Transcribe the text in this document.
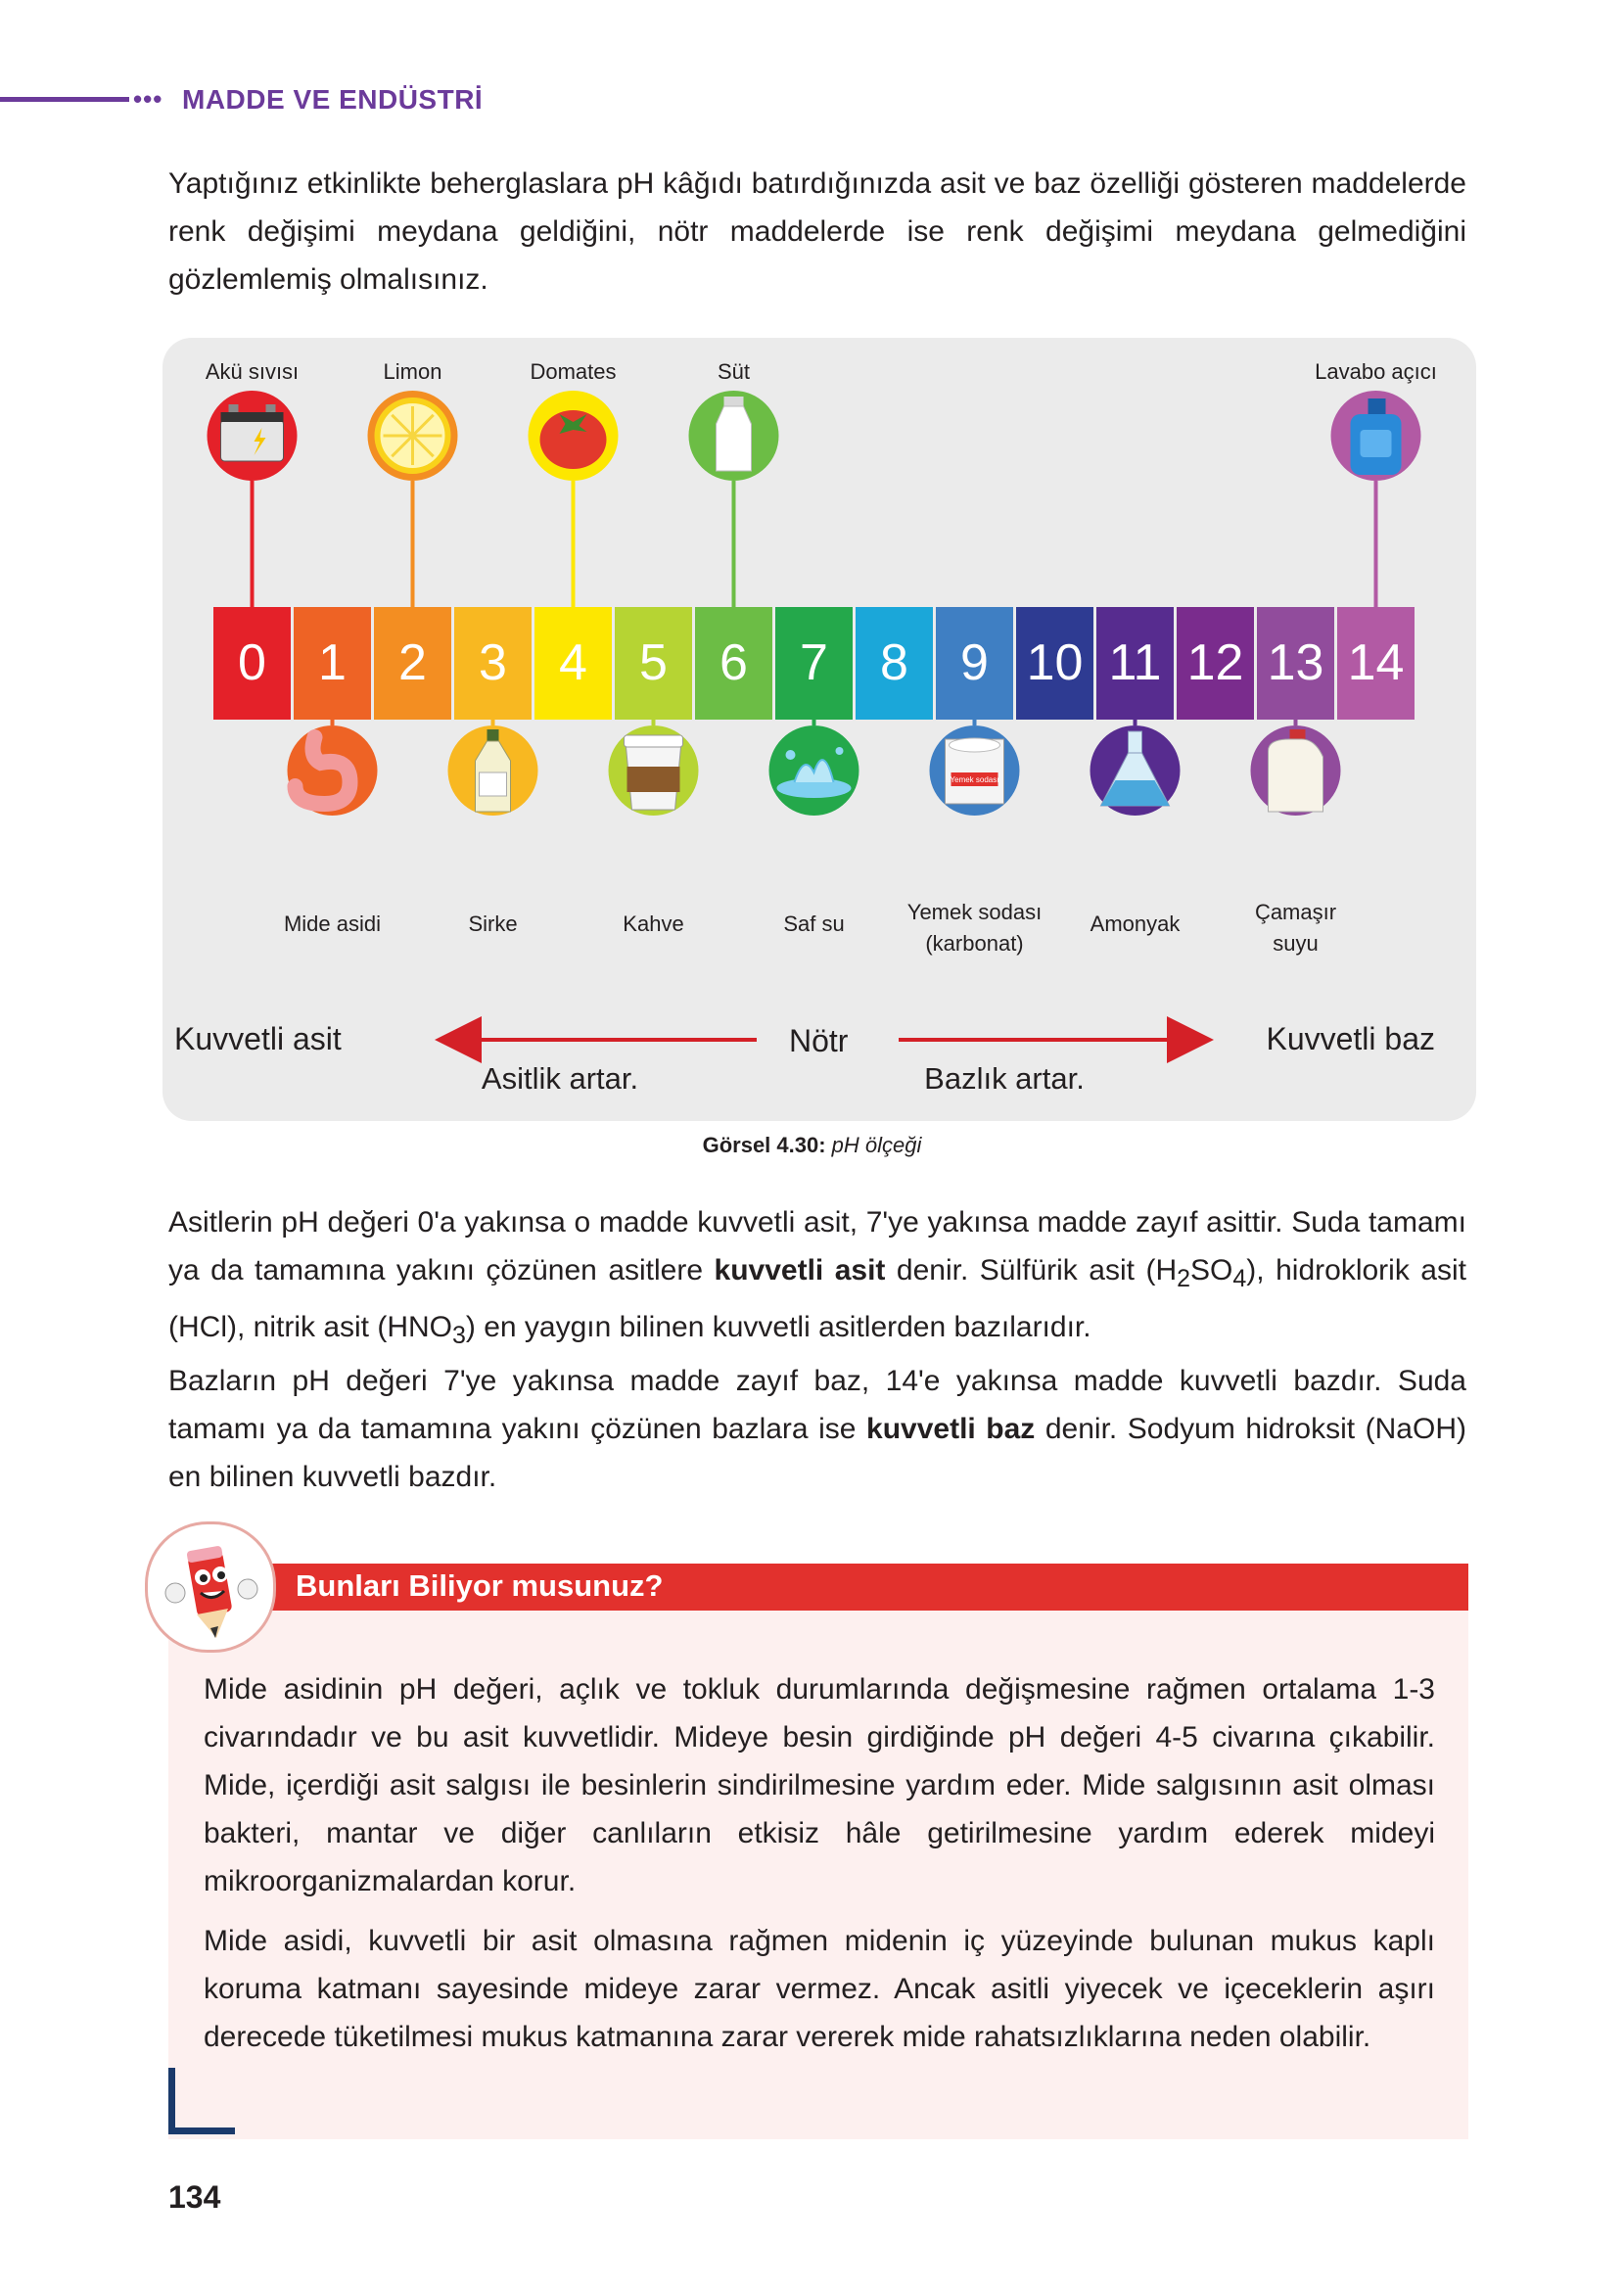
••• MADDE VE ENDÜSTRİ

Yaptığınız etkinlikte beherglaslara pH kâğıdı batırdığınızda asit ve baz özelliği gösteren maddelerde renk değişimi meydana geldiğini, nötr maddelerde ise renk değişimi meydana gelmediğini gözlemlemiş olmalısınız.

0 1 2 3 4 5 6 7 8 9 10 11 12 13 14
Akü sıvısı	Limon	Domates	Süt	Lavabo açıcı
Mide asidi	Sirke	Kahve	Saf su
Yemek sodası
Yemek sodası
(karbonat)
Amonyak	Çamaşır
suyu
Kuvvetli asit	Nötr	Kuvvetli baz
Asitlik artar.	Bazlık artar.
Görsel 4.30: pH ölçeği

Asitlerin pH değeri 0'a yakınsa o madde kuvvetli asit, 7'ye yakınsa madde zayıf asittir. Suda tamamı ya da tamamına yakını çözünen asitlere kuvvetli asit denir. Sülfürik asit $(H_2SO_4)$, hidroklorik asit (HCl), nitrik asit $(HNO_3)$ en yaygın bilinen kuvvetli asitlerden bazılarıdır.

Bazların pH değeri 7'ye yakınsa madde zayıf baz, 14'e yakınsa madde kuvvetli bazdır. Suda tamamı ya da tamamına yakını çözünen bazlara ise kuvvetli baz denir. Sodyum hidroksit (NaOH) en bilinen kuvvetli bazdır.

Bunları Biliyor musunuz?

Mide asidinin pH değeri, açlık ve tokluk durumlarında değişmesine rağmen ortalama 1-3 civarındadır ve bu asit kuvvetlidir. Mideye besin girdiğinde pH değeri 4-5 civarına çıkabilir. Mide, içerdiği asit salgısı ile besinlerin sindirilmesine yardım eder. Mide salgısının asit olması bakteri, mantar ve diğer canlıların etkisiz hâle getirilmesine yardım ederek mideyi mikroorganizmalardan korur.

Mide asidi, kuvvetli bir asit olmasına rağmen midenin iç yüzeyinde bulunan mukus kaplı koruma katmanı sayesinde mideye zarar vermez. Ancak asitli yiyecek ve içeceklerin aşırı derecede tüketilmesi mukus katmanına zarar vererek mide rahatsızlıklarına neden olabilir.

134
